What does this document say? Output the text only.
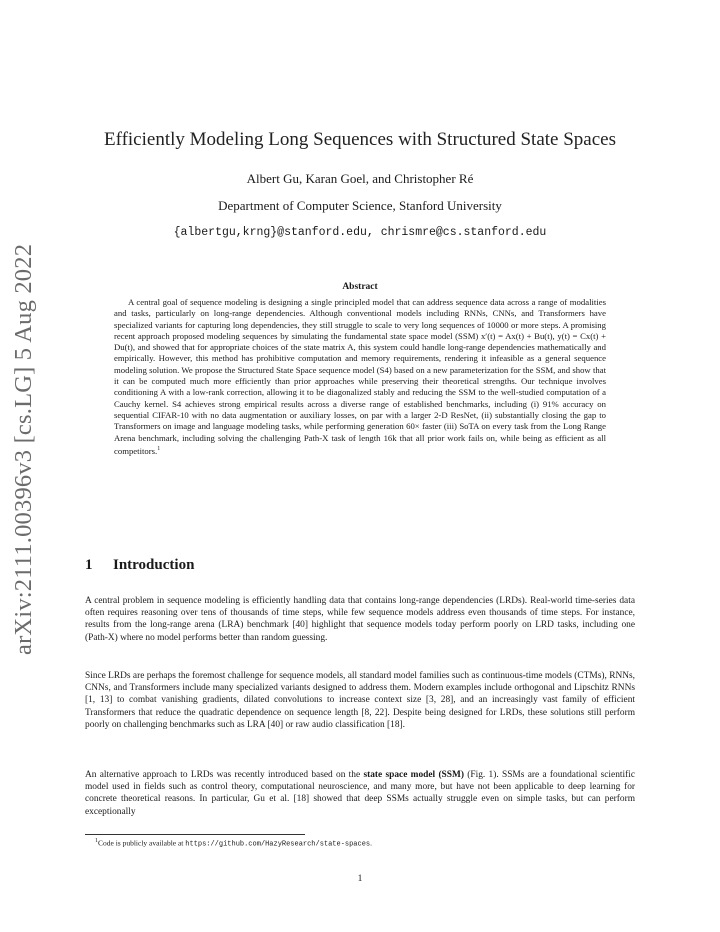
arXiv:2111.00396v3 [cs.LG] 5 Aug 2022
Efficiently Modeling Long Sequences with Structured State Spaces
Albert Gu, Karan Goel, and Christopher Ré
Department of Computer Science, Stanford University
{albertgu,krng}@stanford.edu, chrismre@cs.stanford.edu
Abstract
A central goal of sequence modeling is designing a single principled model that can address sequence data across a range of modalities and tasks, particularly on long-range dependencies. Although conventional models including RNNs, CNNs, and Transformers have specialized variants for capturing long dependencies, they still struggle to scale to very long sequences of 10000 or more steps. A promising recent approach proposed modeling sequences by simulating the fundamental state space model (SSM) x′(t) = Ax(t) + Bu(t), y(t) = Cx(t) + Du(t), and showed that for appropriate choices of the state matrix A, this system could handle long-range dependencies mathematically and empirically. However, this method has prohibitive computation and memory requirements, rendering it infeasible as a general sequence modeling solution. We propose the Structured State Space sequence model (S4) based on a new parameterization for the SSM, and show that it can be computed much more efficiently than prior approaches while preserving their theoretical strengths. Our technique involves conditioning A with a low-rank correction, allowing it to be diagonalized stably and reducing the SSM to the well-studied computation of a Cauchy kernel. S4 achieves strong empirical results across a diverse range of established benchmarks, including (i) 91% accuracy on sequential CIFAR-10 with no data augmentation or auxiliary losses, on par with a larger 2-D ResNet, (ii) substantially closing the gap to Transformers on image and language modeling tasks, while performing generation 60× faster (iii) SoTA on every task from the Long Range Arena benchmark, including solving the challenging Path-X task of length 16k that all prior work fails on, while being as efficient as all competitors.$^1$
1 Introduction

A central problem in sequence modeling is efficiently handling data that contains long-range dependencies (LRDs). Real-world time-series data often requires reasoning over tens of thousands of time steps, while few sequence models address even thousands of time steps. For instance, results from the long-range arena (LRA) benchmark [40] highlight that sequence models today perform poorly on LRD tasks, including one (Path-X) where no model performs better than random guessing.

Since LRDs are perhaps the foremost challenge for sequence models, all standard model families such as continuous-time models (CTMs), RNNs, CNNs, and Transformers include many specialized variants designed to address them. Modern examples include orthogonal and Lipschitz RNNs [1, 13] to combat vanishing gradients, dilated convolutions to increase context size [3, 28], and an increasingly vast family of efficient Transformers that reduce the quadratic dependence on sequence length [8, 22]. Despite being designed for LRDs, these solutions still perform poorly on challenging benchmarks such as LRA [40] or raw audio classification [18].

An alternative approach to LRDs was recently introduced based on the state space model (SSM) (Fig. 1). SSMs are a foundational scientific model used in fields such as control theory, computational neuroscience, and many more, but have not been applicable to deep learning for concrete theoretical reasons. In particular, Gu et al. [18] showed that deep SSMs actually struggle even on simple tasks, but can perform exceptionally

$^1$Code is publicly available at https://github.com/HazyResearch/state-spaces.
1
